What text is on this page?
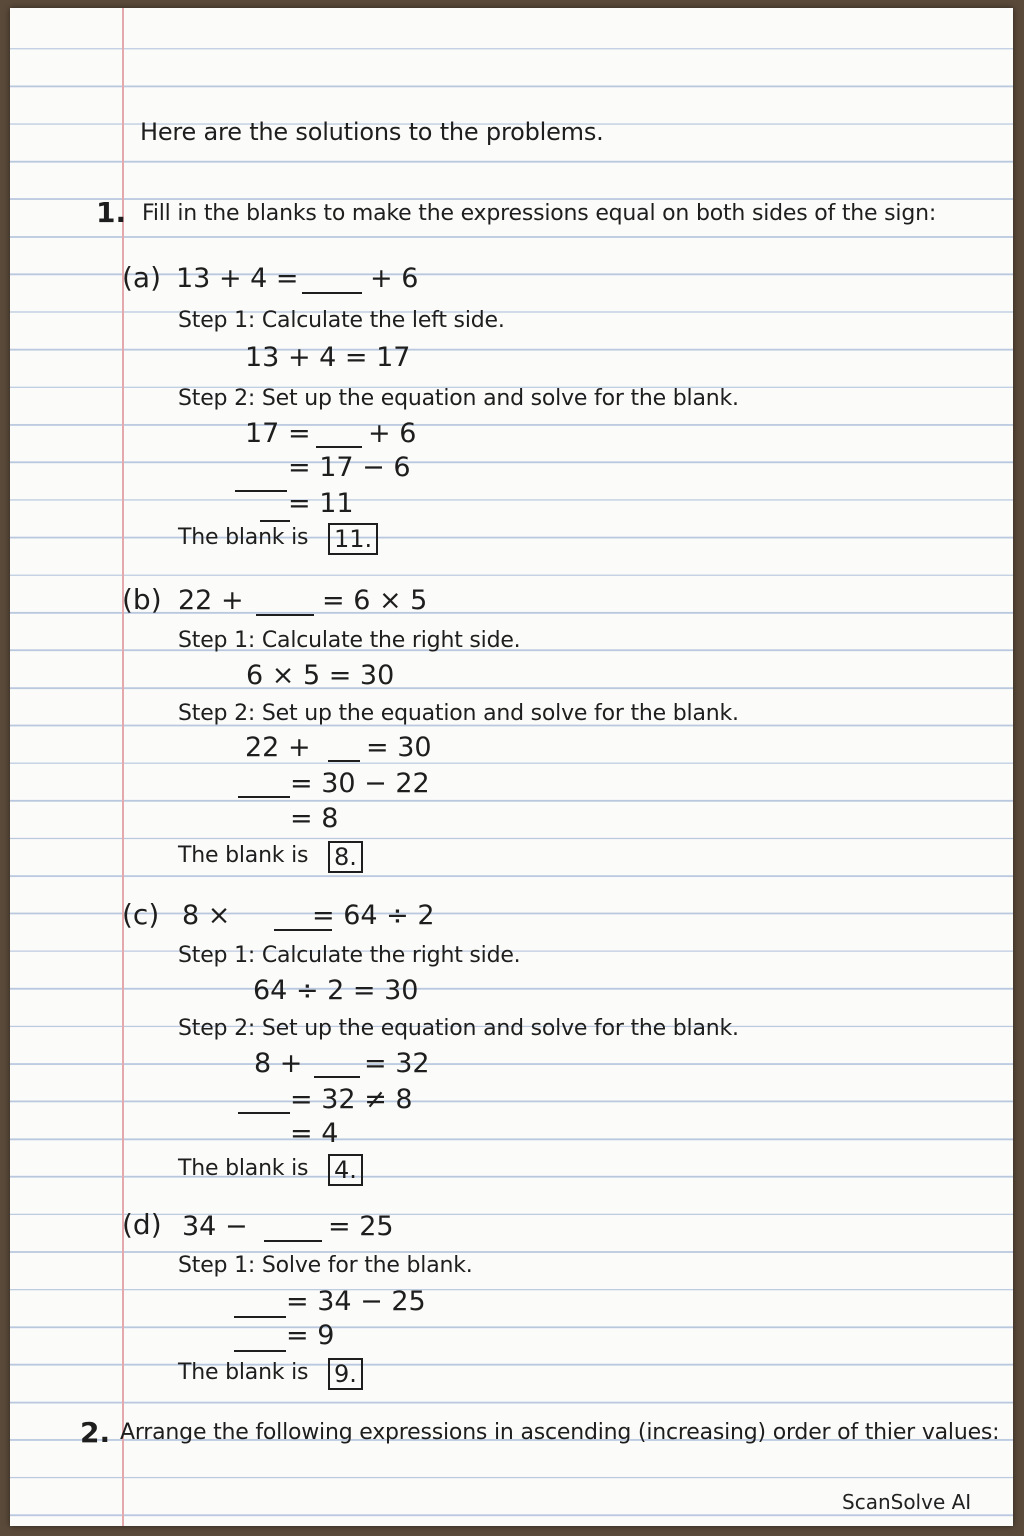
Here are the solutions to the problems.
1. Fill in the blanks to make the expressions equal on both sides of the sign:
(a) 13 + 4 =	+ 6
Step 1: Calculate the left side.
13 + 4 = 17
Step 2: Set up the equation and solve for the blank.
17 = + 6
= 17 − 6
= 11
The blank is 11.
(b) 22 +	= 6 × 5
Step 1: Calculate the right side.
6 × 5 = 30
Step 2: Set up the equation and solve for the blank.
22 + = 30
= 30 − 22
= 8
The blank is 8.
(c) 8 ×	= 64 ÷ 2
Step 1: Calculate the right side.
64 ÷ 2 = 30
Step 2: Set up the equation and solve for the blank.
8 + = 32
= 32 ≠ 8
= 4
The blank is 4.
(d) 34 −	= 25
Step 1: Solve for the blank.
= 34 − 25
= 9
The blank is 9.
2. Arrange the following expressions in ascending (increasing) order of thier values:
ScanSolve AI
